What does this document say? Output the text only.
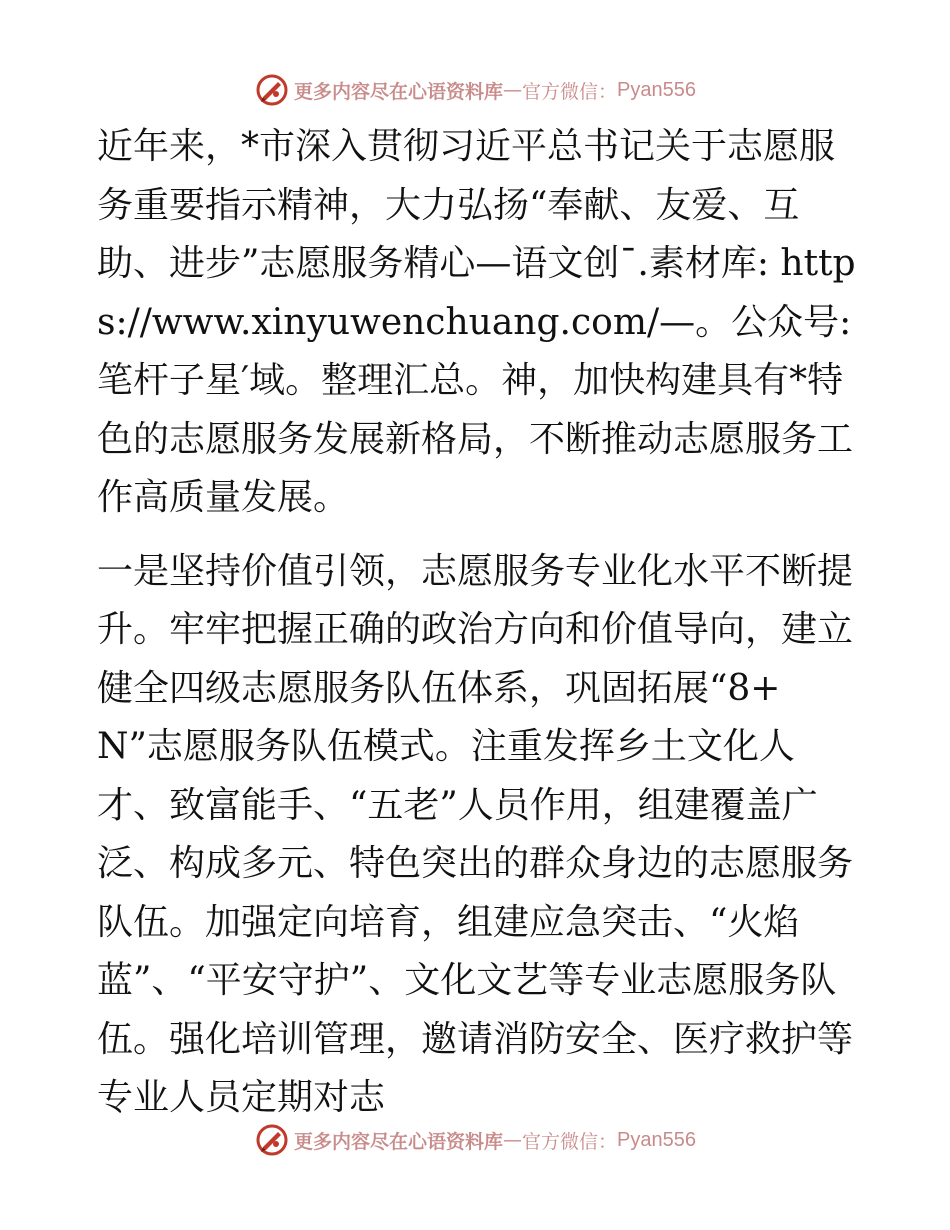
更多内容尽在心语资料库 — 官方微信： Pyan556

近年来，*市深入贯彻习近平总书记关于志愿服务重要指示精神，大力弘扬“奉献、友爱、互助、进步”志愿服务精心—语文创¯.素材库: https://www.xinyuwenchuang.com/—。公众号: 笔杆子星′域。整理汇总。神，加快构建具有*特色的志愿服务发展新格局，不断推动志愿服务工作高质量发展。

一是坚持价值引领，志愿服务专业化水平不断提升。牢牢把握正确的政治方向和价值导向，建立健全四级志愿服务队伍体系，巩固拓展“8+N”志愿服务队伍模式。注重发挥乡土文化人才、致富能手、“五老”人员作用，组建覆盖广泛、构成多元、特色突出的群众身边的志愿服务队伍。加强定向培育，组建应急突击、“火焰蓝”、“平安守护”、文化文艺等专业志愿服务队伍。强化培训管理，邀请消防安全、医疗救护等专业人员定期对志

更多内容尽在心语资料库 — 官方微信： Pyan556
